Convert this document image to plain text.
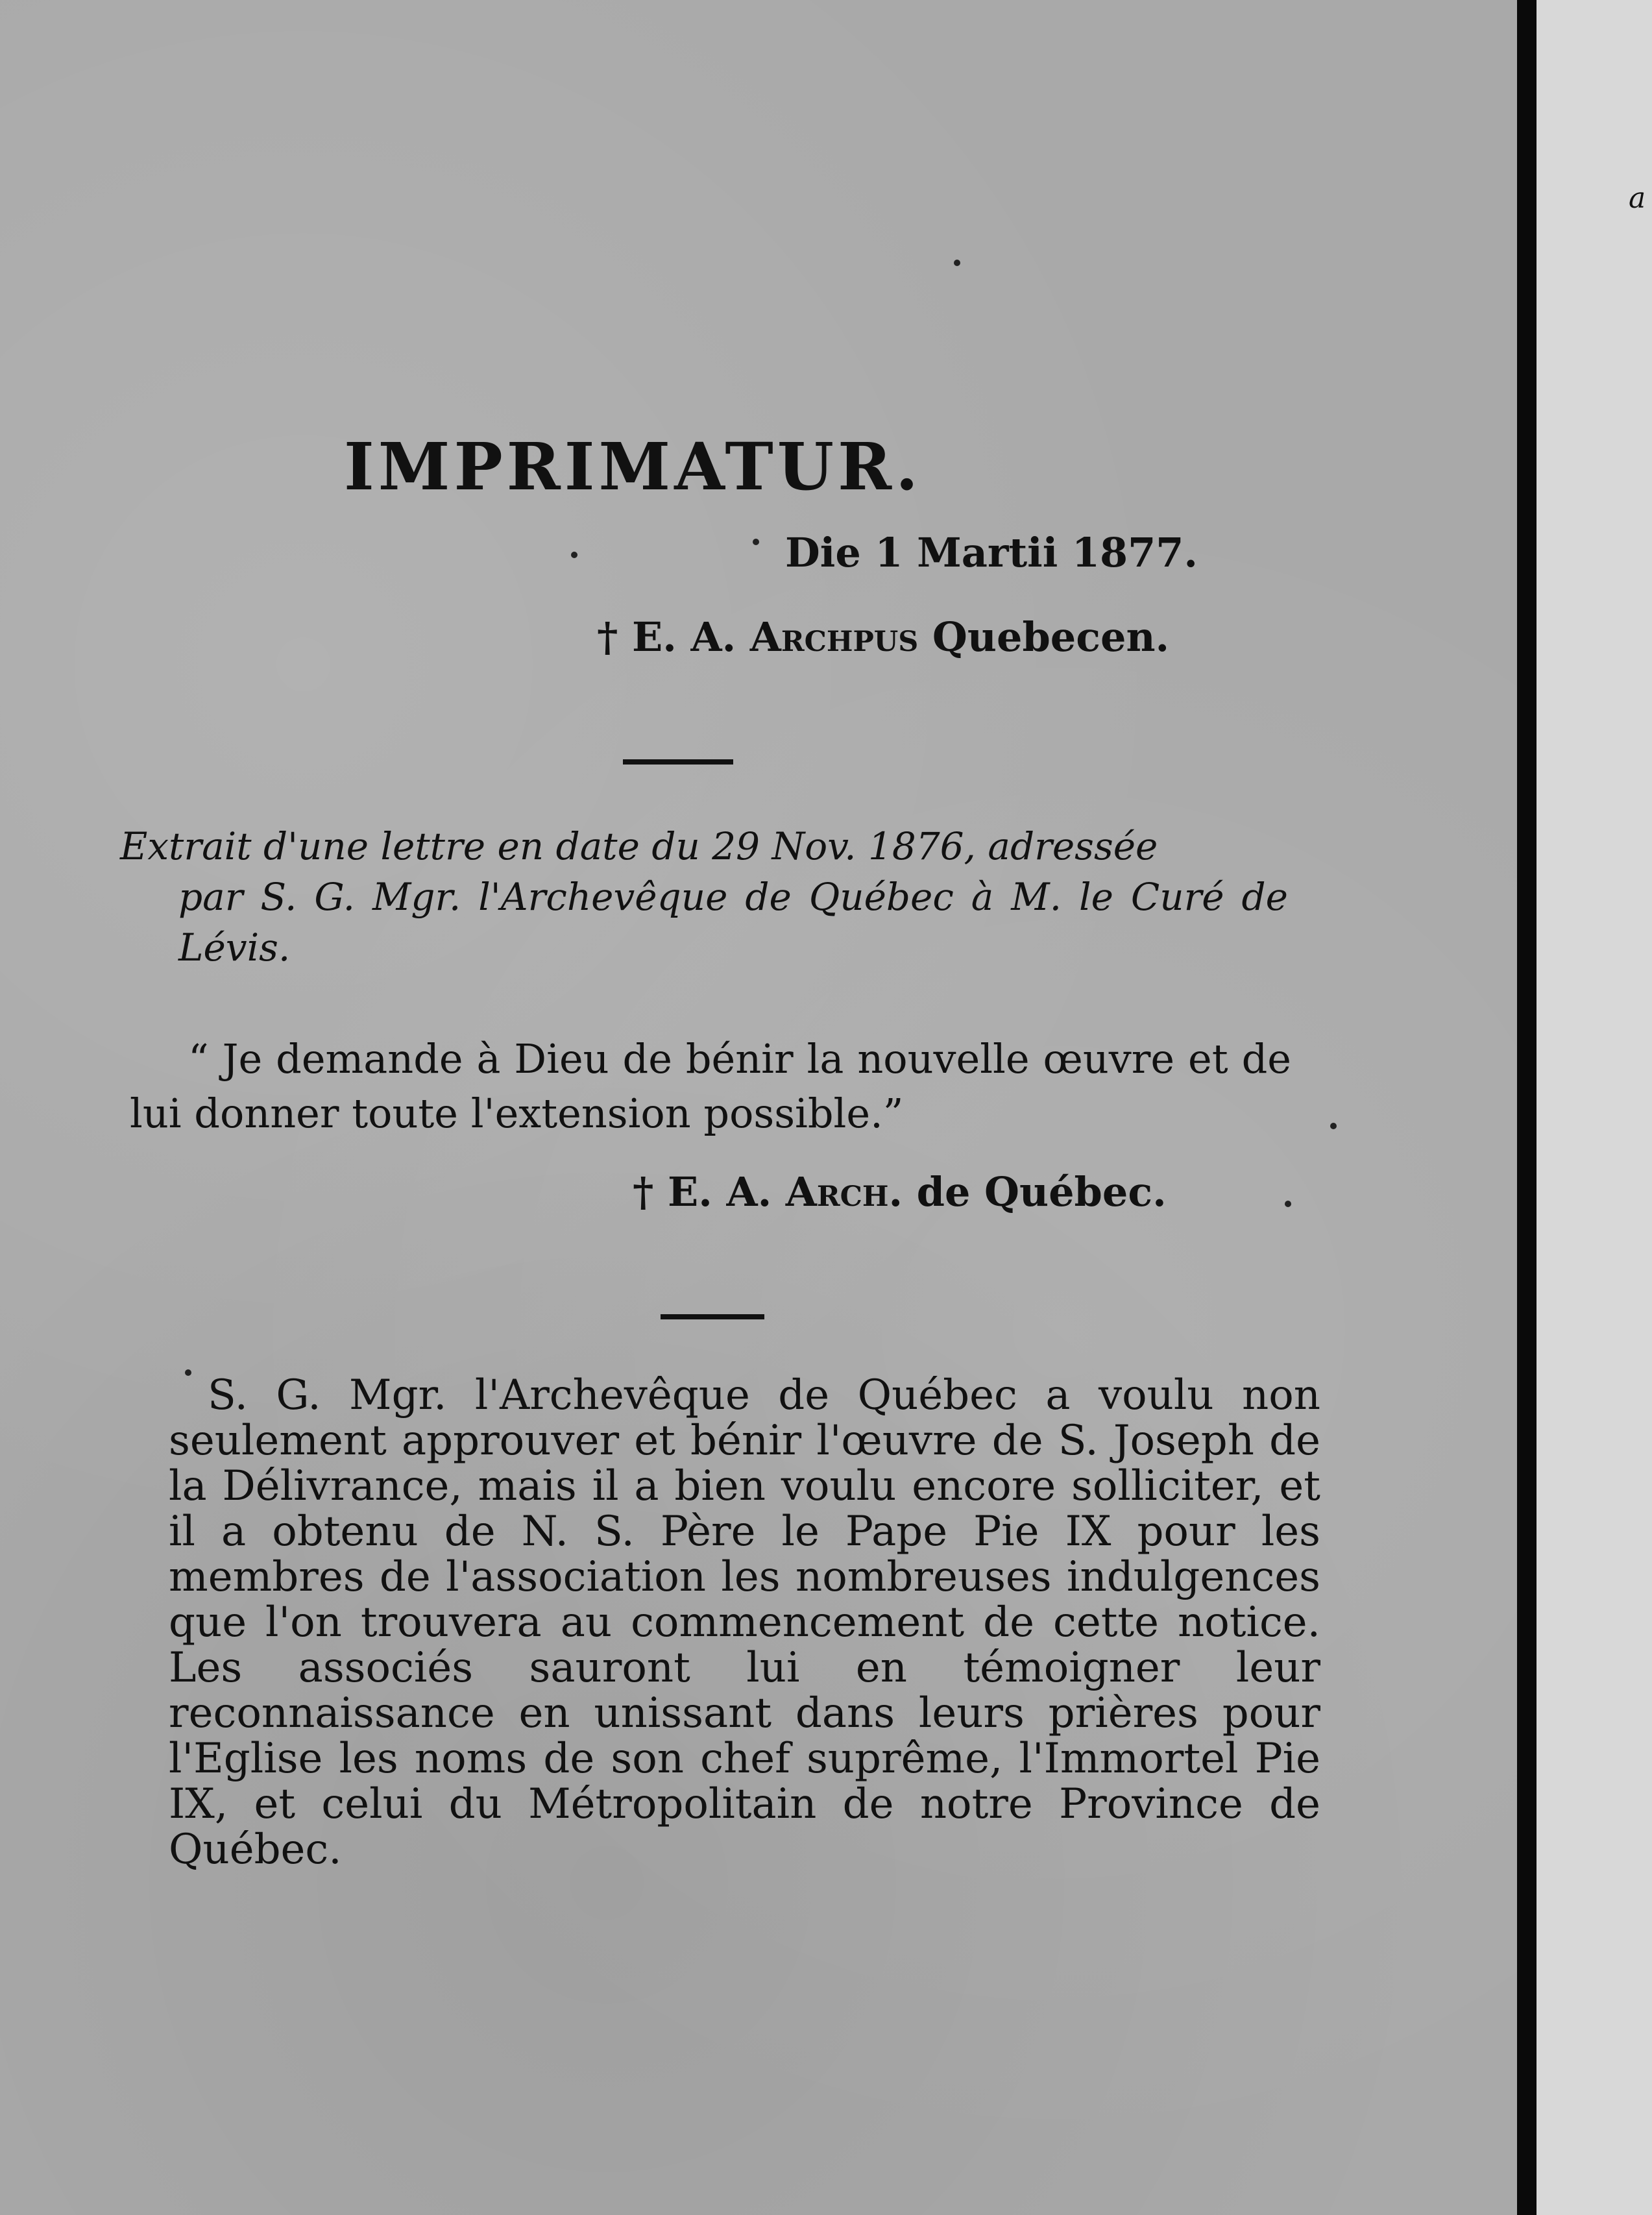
IMPRIMATUR.
Die 1 Martii 1877.
† E. A. Archpus Quebecen.
Extrait d'une lettre en date du 29 Nov. 1876, adressée
par S. G. Mgr. l'Archevêque de Québec à M. le Curé de Lévis.
“ Je demande à Dieu de bénir la nouvelle œuvre et de lui donner toute l'extension possible.”
† E. A. Arch. de Québec.
S. G. Mgr. l'Archevêque de Québec a voulu non seulement approuver et bénir l'œuvre de S. Joseph de la Délivrance, mais il a bien voulu encore solliciter, et il a obtenu de N. S. Père le Pape Pie IX pour les membres de l'association les nombreuses indulgences que l'on trouvera au commencement de cette notice. Les associés sauront lui en témoigner leur reconnaissance en unissant dans leurs prières pour l'Eglise les noms de son chef suprême, l'Immortel Pie IX, et celui du Métropolitain de notre Province de Québec.
a
